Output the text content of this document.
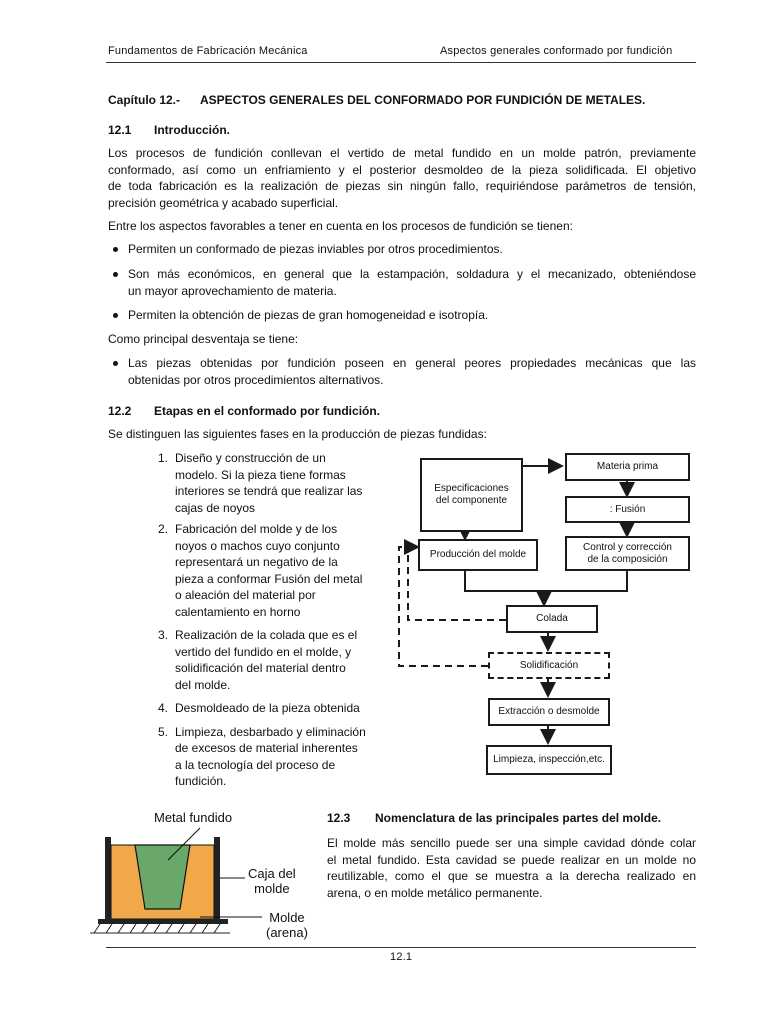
Fundamentos de Fabricación Mecánica	Aspectos generales conformado por fundición
Capítulo 12.- ASPECTOS GENERALES DEL CONFORMADO POR FUNDICIÓN DE METALES.
12.1 Introducción.
Los procesos de fundición conllevan el vertido de metal fundido en un molde patrón, previamente
conformado, así como un enfriamiento y el posterior desmoldeo de la pieza solidificada. El objetivo
de toda fabricación es la realización de piezas sin ningún fallo, requiriéndose parámetros de tensión,
precisión geométrica y acabado superficial.
Entre los aspectos favorables a tener en cuenta en los procesos de fundición se tienen:
Permiten un conformado de piezas inviables por otros procedimientos.
Son más económicos, en general que la estampación, soldadura y el mecanizado, obteniéndose
un mayor aprovechamiento de materia.
Permiten la obtención de piezas de gran homogeneidad e isotropía.
Como principal desventaja se tiene:
Las piezas obtenidas por fundición poseen en general peores propiedades mecánicas que las
obtenidas por otros procedimientos alternativos.
12.2 Etapas en el conformado por fundición.
Se distinguen las siguientes fases en la producción de piezas fundidas:
1. Diseño y construcción de un
modelo. Si la pieza tiene formas
interiores se tendrá que realizar las
cajas de noyos
2. Fabricación del molde y de los
noyos o machos cuyo conjunto
representará un negativo de la
pieza a conformar Fusión del metal
o aleación del material por
calentamiento en horno
3. Realización de la colada que es el
vertido del fundido en el molde, y
solidificación del material dentro
del molde.
4. Desmoldeado de la pieza obtenida
5. Limpieza, desbarbado y eliminación
de excesos de material inherentes
a la tecnología del proceso de
fundición.
Especificaciones
del componente
Materia prima
: Fusión
Producción del molde
Control y corrección
de la composición
Colada
Solidificación
Extracción o desmolde
Limpieza, inspección,etc.
Metal fundido
Caja del
molde
Molde
(arena)
12.3 Nomenclatura de las principales partes del molde.
El molde más sencillo puede ser una simple cavidad dónde colar
el metal fundido. Esta cavidad se puede realizar en un molde no
reutilizable, como el que se muestra a la derecha realizado en
arena, o en molde metálico permanente.
12.1
